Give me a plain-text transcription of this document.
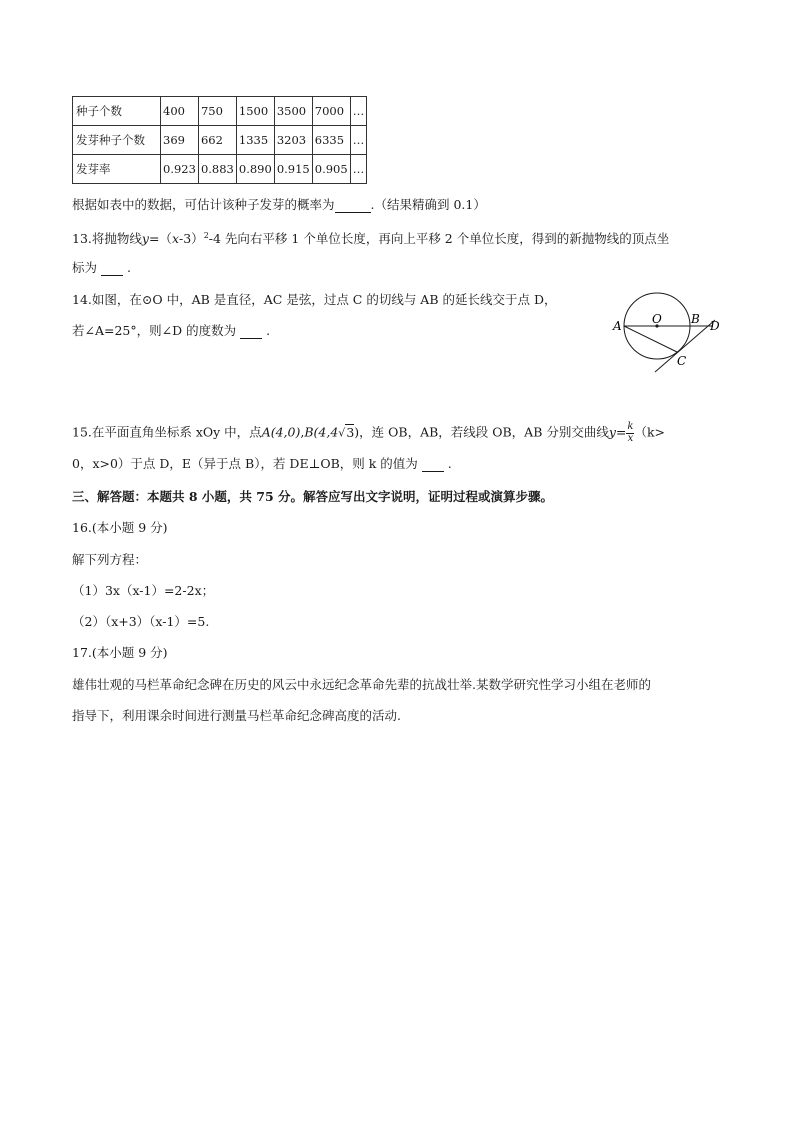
种子个数	400	750	1500	3500	7000	…
发芽种子个数	369	662	1335	3203	6335	…
发芽率	0.923	0.883	0.890	0.915	0.905	…
根据如表中的数据，可估计该种子发芽的概率为	.（结果精确到 0.1）
13.将抛物线$y=(x-3)^2-4$ 先向右平移 1 个单位长度，再向上平移 2 个单位长度，得到的新抛物线的顶点坐
标为   .
14.如图，在⊙O 中，AB 是直径，AC 是弦，过点 C 的切线与 AB 的延长线交于点 D，
若∠A=25°，则∠D 的度数为   .	A	O B D
C
15.在平面直角坐标系 xOy 中，点A(4,0),B(4,4√3)，连 OB，AB，若线段 OB，AB 分别交曲线$y= \frac{k}{x} (k>$
0，x>0）于点 D，E（异于点 B），若 DE⊥OB，则 k 的值为   .
三、解答题：本题共 8 小题，共 75 分。解答应写出文字说明，证明过程或演算步骤。
16.(本小题 9 分)
解下列方程：
（1）3x（x-1）=2-2x；
（2）（x+3）（x-1）=5.
17.(本小题 9 分)
雄伟壮观的马栏革命纪念碑在历史的风云中永远纪念革命先辈的抗战壮举.某数学研究性学习小组在老师的
指导下，利用课余时间进行测量马栏革命纪念碑高度的活动.
